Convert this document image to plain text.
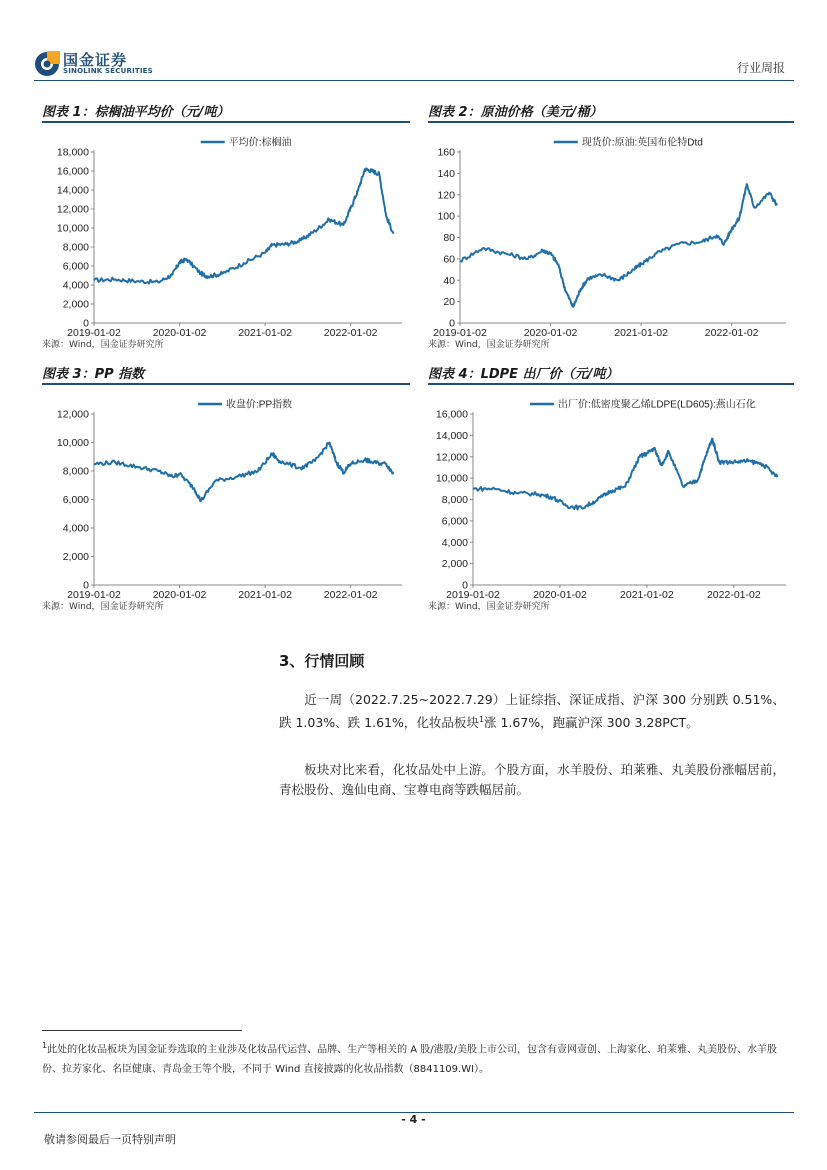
国金证券
SINOLINK SECURITIES	行业周报
图表 1：棕榈油平均价（元/吨）
0
2,000
4,000
6,000
8,000
10,000
12,000
14,000
16,000
18,000
2019-01-02	2020-01-02	2021-01-02	2022-01-02
平均价:棕榈油
来源：Wind，国金证券研究所
图表 2：原油价格（美元/桶）
0
20
40
60
80
100
120
140
160
2019-01-02	2020-01-02	2021-01-02	2022-01-02
现货价:原油:英国布伦特Dtd
来源：Wind，国金证券研究所
图表 3：PP 指数
0
2,000
4,000
6,000
8,000
10,000
12,000
2019-01-02	2020-01-02	2021-01-02	2022-01-02
收盘价:PP指数
来源：Wind，国金证券研究所
图表 4：LDPE 出厂价（元/吨）
0
2,000
4,000
6,000
8,000
10,000
12,000
14,000
16,000
2019-01-02	2020-01-02	2021-01-02	2022-01-02
出厂价:低密度聚乙烯LDPE(LD605):燕山石化
来源：Wind，国金证券研究所
3、行情回顾
近一周（2022.7.25~2022.7.29）上证综指、深证成指、沪深 300 分别跌 0.51%、跌 1.03%、跌 1.61%，化妆品板块$^1$涨 1.67%，跑赢沪深 300 3.28PCT。
板块对比来看，化妆品处中上游。个股方面，水羊股份、珀莱雅、丸美股份涨幅居前，青松股份、逸仙电商、宝尊电商等跌幅居前。
$^1$此处的化妆品板块为国金证券选取的主业涉及化妆品代运营、品牌、生产等相关的 A 股/港股/美股上市公司，包含有壹网壹创、上海家化、珀莱雅、丸美股份、水羊股份、拉芳家化、名臣健康、青岛金王等个股，不同于 Wind 直接披露的化妆品指数（8841109.WI）。
- 4 -
敬请参阅最后一页特别声明
